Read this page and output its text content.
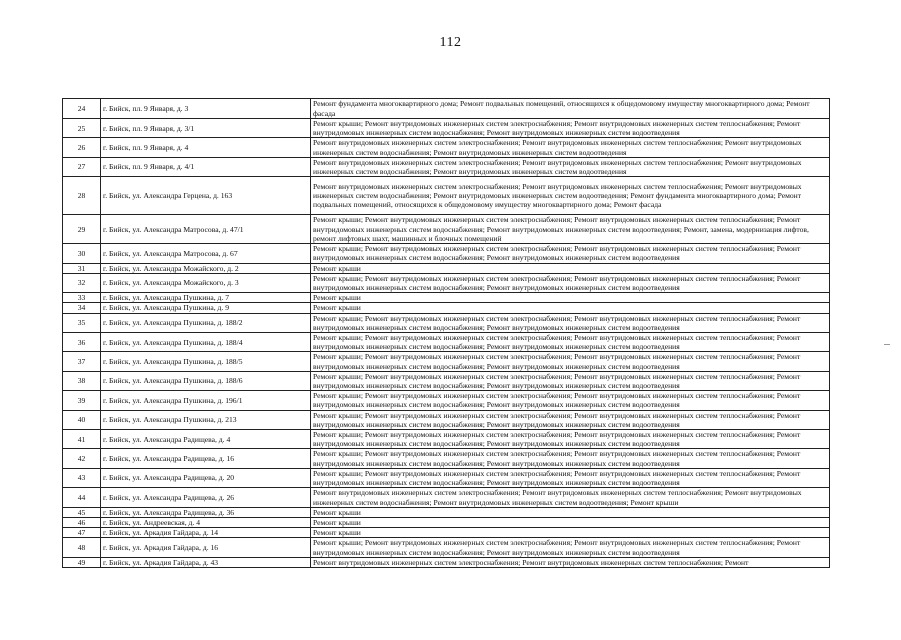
112
24	г. Бийск, пл. 9 Января, д. 3	Ремонт фундамента многоквартирного дома; Ремонт подвальных помещений, относящихся к общедомовому имуществу многоквартирного дома; Ремонт фасада
25	г. Бийск, пл. 9 Января, д. 3/1	Ремонт крыши; Ремонт внутридомовых инженерных систем электроснабжения; Ремонт внутридомовых инженерных систем теплоснабжения; Ремонт внутридомовых инженерных систем водоснабжения; Ремонт внутридомовых инженерных систем водоотведения
26	г. Бийск, пл. 9 Января, д. 4	Ремонт внутридомовых инженерных систем электроснабжения; Ремонт внутридомовых инженерных систем теплоснабжения; Ремонт внутридомовых инженерных систем водоснабжения; Ремонт внутридомовых инженерных систем водоотведения
27	г. Бийск, пл. 9 Января, д. 4/1	Ремонт внутридомовых инженерных систем электроснабжения; Ремонт внутридомовых инженерных систем теплоснабжения; Ремонт внутридомовых инженерных систем водоснабжения; Ремонт внутридомовых инженерных систем водоотведения
28	г. Бийск, ул. Александра Герцена, д. 163	Ремонт внутридомовых инженерных систем электроснабжения; Ремонт внутридомовых инженерных систем теплоснабжения; Ремонт внутридомовых инженерных систем водоснабжения; Ремонт внутридомовых инженерных систем водоотведения; Ремонт фундамента многоквартирного дома; Ремонт подвальных помещений, относящихся к общедомовому имуществу многоквартирного дома; Ремонт фасада
29	г. Бийск, ул. Александра Матросова, д. 47/1	Ремонт крыши; Ремонт внутридомовых инженерных систем электроснабжения; Ремонт внутридомовых инженерных систем теплоснабжения; Ремонт внутридомовых инженерных систем водоснабжения; Ремонт внутридомовых инженерных систем водоотведения; Ремонт, замена, модернизация лифтов, ремонт лифтовых шахт, машинных и блочных помещений
30	г. Бийск, ул. Александра Матросова, д. 67	Ремонт крыши; Ремонт внутридомовых инженерных систем электроснабжения; Ремонт внутридомовых инженерных систем теплоснабжения; Ремонт внутридомовых инженерных систем водоснабжения; Ремонт внутридомовых инженерных систем водоотведения
31	г. Бийск, ул. Александра Можайского, д. 2	Ремонт крыши
32	г. Бийск, ул. Александра Можайского, д. 3	Ремонт крыши; Ремонт внутридомовых инженерных систем электроснабжения; Ремонт внутридомовых инженерных систем теплоснабжения; Ремонт внутридомовых инженерных систем водоснабжения; Ремонт внутридомовых инженерных систем водоотведения
33	г. Бийск, ул. Александра Пушкина, д. 7	Ремонт крыши
34	г. Бийск, ул. Александра Пушкина, д. 9	Ремонт крыши
35	г. Бийск, ул. Александра Пушкина, д. 188/2	Ремонт крыши; Ремонт внутридомовых инженерных систем электроснабжения; Ремонт внутридомовых инженерных систем теплоснабжения; Ремонт внутридомовых инженерных систем водоснабжения; Ремонт внутридомовых инженерных систем водоотведения
36	г. Бийск, ул. Александра Пушкина, д. 188/4	Ремонт крыши; Ремонт внутридомовых инженерных систем электроснабжения; Ремонт внутридомовых инженерных систем теплоснабжения; Ремонт внутридомовых инженерных систем водоснабжения; Ремонт внутридомовых инженерных систем водоотведения
37	г. Бийск, ул. Александра Пушкина, д. 188/5	Ремонт крыши; Ремонт внутридомовых инженерных систем электроснабжения; Ремонт внутридомовых инженерных систем теплоснабжения; Ремонт внутридомовых инженерных систем водоснабжения; Ремонт внутридомовых инженерных систем водоотведения
38	г. Бийск, ул. Александра Пушкина, д. 188/6	Ремонт крыши; Ремонт внутридомовых инженерных систем электроснабжения; Ремонт внутридомовых инженерных систем теплоснабжения; Ремонт внутридомовых инженерных систем водоснабжения; Ремонт внутридомовых инженерных систем водоотведения
39	г. Бийск, ул. Александра Пушкина, д. 196/1	Ремонт крыши; Ремонт внутридомовых инженерных систем электроснабжения; Ремонт внутридомовых инженерных систем теплоснабжения; Ремонт внутридомовых инженерных систем водоснабжения; Ремонт внутридомовых инженерных систем водоотведения
40	г. Бийск, ул. Александра Пушкина, д. 213	Ремонт крыши; Ремонт внутридомовых инженерных систем электроснабжения; Ремонт внутридомовых инженерных систем теплоснабжения; Ремонт внутридомовых инженерных систем водоснабжения; Ремонт внутридомовых инженерных систем водоотведения
41	г. Бийск, ул. Александра Радищева, д. 4	Ремонт крыши; Ремонт внутридомовых инженерных систем электроснабжения; Ремонт внутридомовых инженерных систем теплоснабжения; Ремонт внутридомовых инженерных систем водоснабжения; Ремонт внутридомовых инженерных систем водоотведения
42	г. Бийск, ул. Александра Радищева, д. 16	Ремонт крыши; Ремонт внутридомовых инженерных систем электроснабжения; Ремонт внутридомовых инженерных систем теплоснабжения; Ремонт внутридомовых инженерных систем водоснабжения; Ремонт внутридомовых инженерных систем водоотведения
43	г. Бийск, ул. Александра Радищева, д. 20	Ремонт крыши; Ремонт внутридомовых инженерных систем электроснабжения; Ремонт внутридомовых инженерных систем теплоснабжения; Ремонт внутридомовых инженерных систем водоснабжения; Ремонт внутридомовых инженерных систем водоотведения
44	г. Бийск, ул. Александра Радищева, д. 26	Ремонт внутридомовых инженерных систем электроснабжения; Ремонт внутридомовых инженерных систем теплоснабжения; Ремонт внутридомовых инженерных систем водоснабжения; Ремонт внутридомовых инженерных систем водоотведения; Ремонт крыши
45	г. Бийск, ул. Александра Радищева, д. 36	Ремонт крыши
46	г. Бийск, ул. Андреевская, д. 4	Ремонт крыши
47	г. Бийск, ул. Аркадия Гайдара, д. 14	Ремонт крыши
48	г. Бийск, ул. Аркадия Гайдара, д. 16	Ремонт крыши; Ремонт внутридомовых инженерных систем электроснабжения; Ремонт внутридомовых инженерных систем теплоснабжения; Ремонт внутридомовых инженерных систем водоснабжения; Ремонт внутридомовых инженерных систем водоотведения
49	г. Бийск, ул. Аркадия Гайдара, д. 43	Ремонт внутридомовых инженерных систем электроснабжения; Ремонт внутридомовых инженерных систем теплоснабжения; Ремонт
